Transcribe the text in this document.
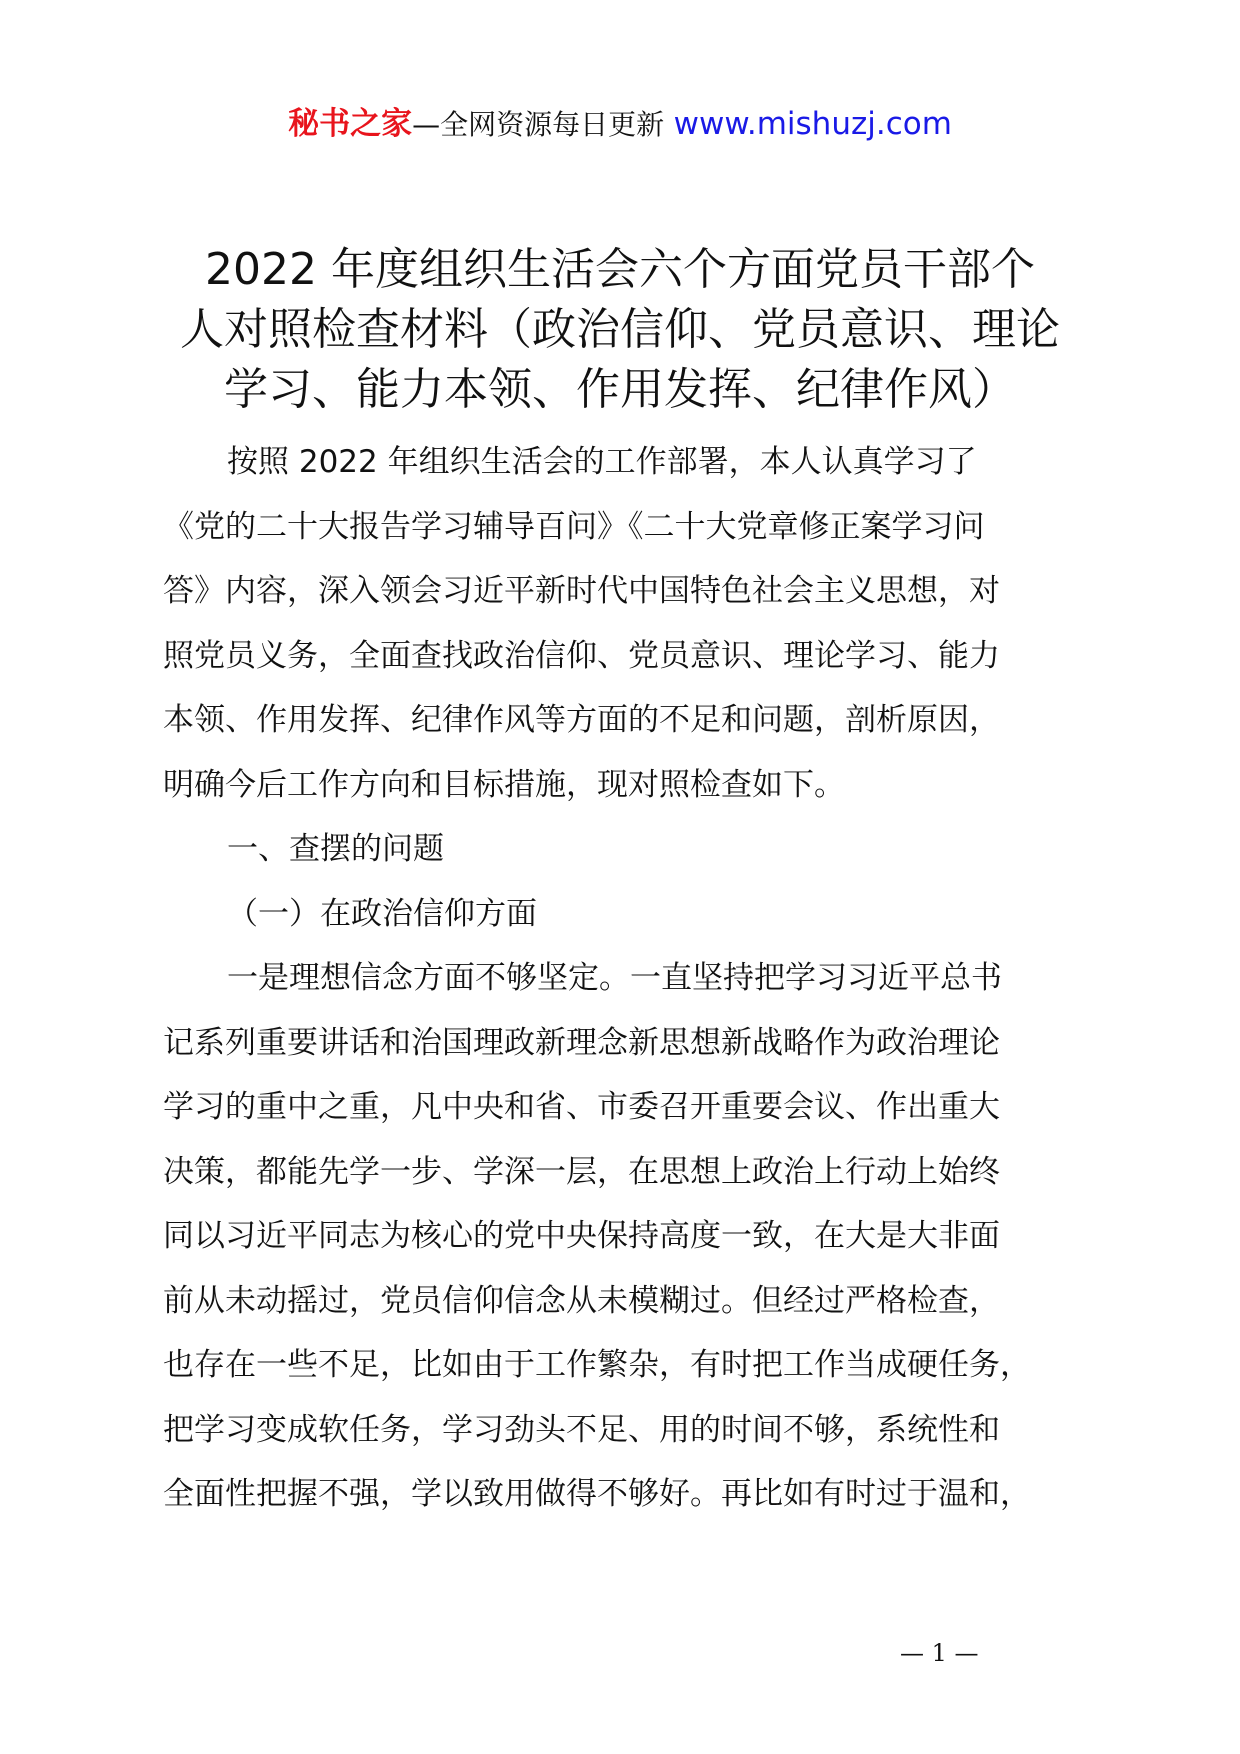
秘书之家—全网资源每日更新 www.mishuzj.com
2022 年度组织生活会六个方面党员干部个
人对照检查材料（政治信仰、党员意识、理论
学习、能力本领、作用发挥、纪律作风）
按照 2022 年组织生活会的工作部署，本人认真学习了
《党的二十大报告学习辅导百问》《二十大党章修正案学习问
答》内容，深入领会习近平新时代中国特色社会主义思想，对
照党员义务，全面查找政治信仰、党员意识、理论学习、能力
本领、作用发挥、纪律作风等方面的不足和问题，剖析原因，
明确今后工作方向和目标措施，现对照检查如下。
一、查摆的问题
（一）在政治信仰方面
一是理想信念方面不够坚定。一直坚持把学习习近平总书
记系列重要讲话和治国理政新理念新思想新战略作为政治理论
学习的重中之重，凡中央和省、市委召开重要会议、作出重大
决策，都能先学一步、学深一层，在思想上政治上行动上始终
同以习近平同志为核心的党中央保持高度一致，在大是大非面
前从未动摇过，党员信仰信念从未模糊过。但经过严格检查，
也存在一些不足，比如由于工作繁杂，有时把工作当成硬任务，
把学习变成软任务，学习劲头不足、用的时间不够，系统性和
全面性把握不强，学以致用做得不够好。再比如有时过于温和，
— 1 —
